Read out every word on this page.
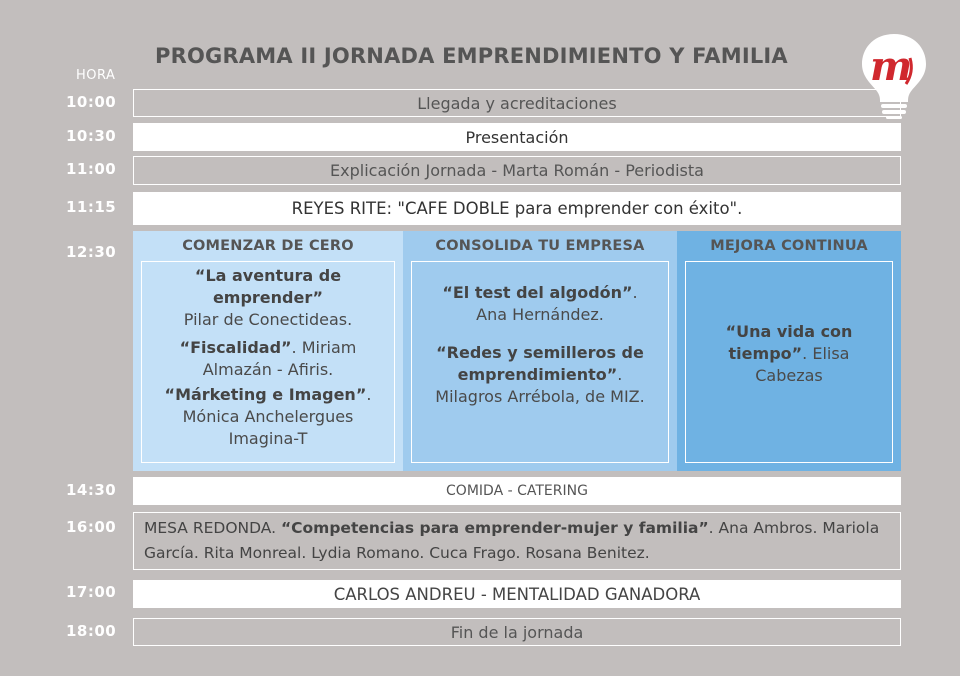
PROGRAMA II JORNADA EMPRENDIMIENTO Y FAMILIA m
HORA
10:00
10:30
11:00
11:15
12:30
14:30
16:00
17:00
18:00
Llegada y acreditaciones
Presentación
Explicación Jornada - Marta Román - Periodista
REYES RITE: "CAFE DOBLE para emprender con éxito".
COMENZAR DE CERO
“La aventura de emprender”
Pilar de Conectideas.
“Fiscalidad”. Miriam Almazán - Afiris.
“Márketing e Imagen”. Mónica Anchelergues Imagina-T
CONSOLIDA TU EMPRESA
“El test del algodón”. Ana Hernández.
“Redes y semilleros de emprendimiento”. Milagros Arrébola, de MIZ.
MEJORA CONTINUA
“Una vida con tiempo”. Elisa Cabezas
COMIDA - CATERING
MESA REDONDA. “Competencias para emprender-mujer y familia”. Ana Ambros. Mariola García. Rita Monreal. Lydia Romano. Cuca Frago. Rosana Benitez.
CARLOS ANDREU - MENTALIDAD GANADORA
Fin de la jornada
